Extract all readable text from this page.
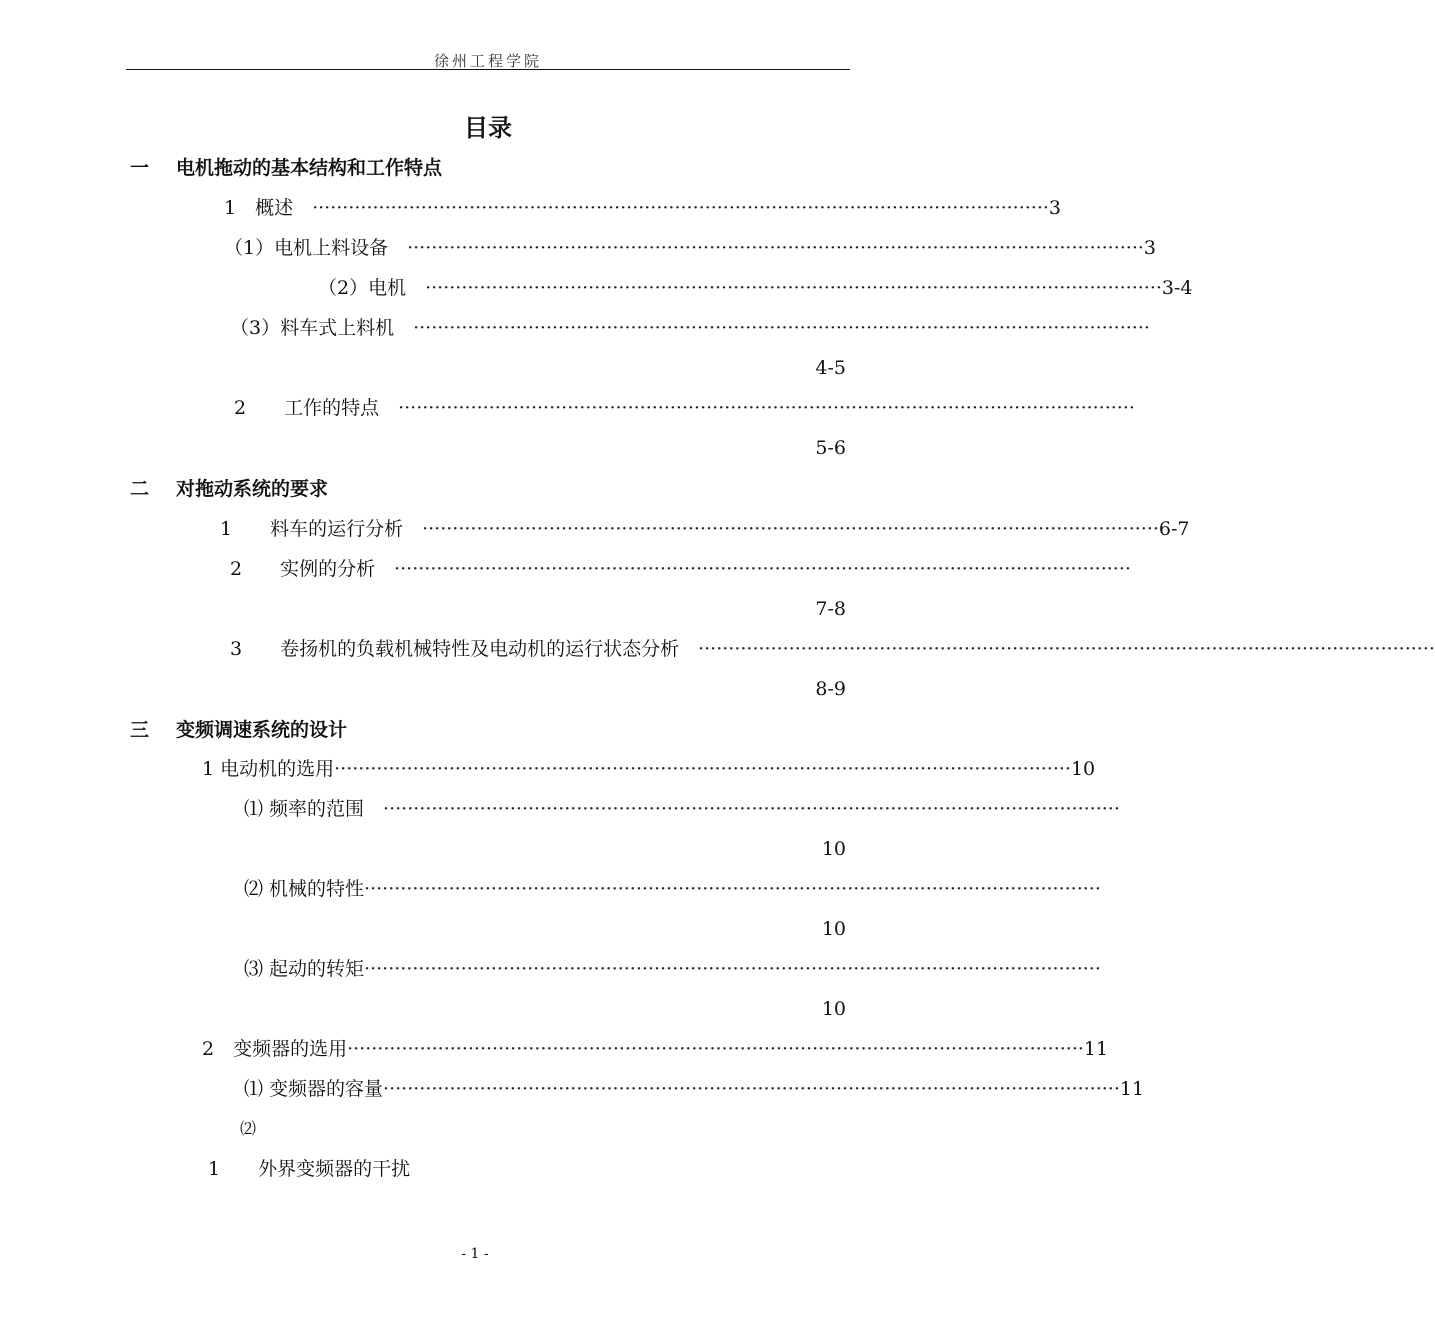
徐州工程学院
目录
一 电机拖动的基本结构和工作特点
1　概述　 ·························································································································· 3
（1）电机上料设备　 ·························································································································· 3
（2）电机　 ·························································································································· 3-4
（3）料车式上料机　 ··························································································································
4-5
2　　工作的特点　 ··························································································································
5-6
二 对拖动系统的要求
1　　料车的运行分析　 ·························································································································· 6-7
2　　实例的分析　 ··························································································································
7-8
3　　卷扬机的负载机械特性及电动机的运行状态分析　 ··························································································································
8-9
三 变频调速系统的设计
1 电动机的选用 ·························································································································· 10
⑴ 频率的范围　 ··························································································································
10
⑵ 机械的特性 ··························································································································
10
⑶ 起动的转矩 ··························································································································
10
2　变频器的选用 ·························································································································· 11
⑴ 变频器的容量 ·························································································································· 11
⑵
1　　外界变频器的干扰
- 1 -
